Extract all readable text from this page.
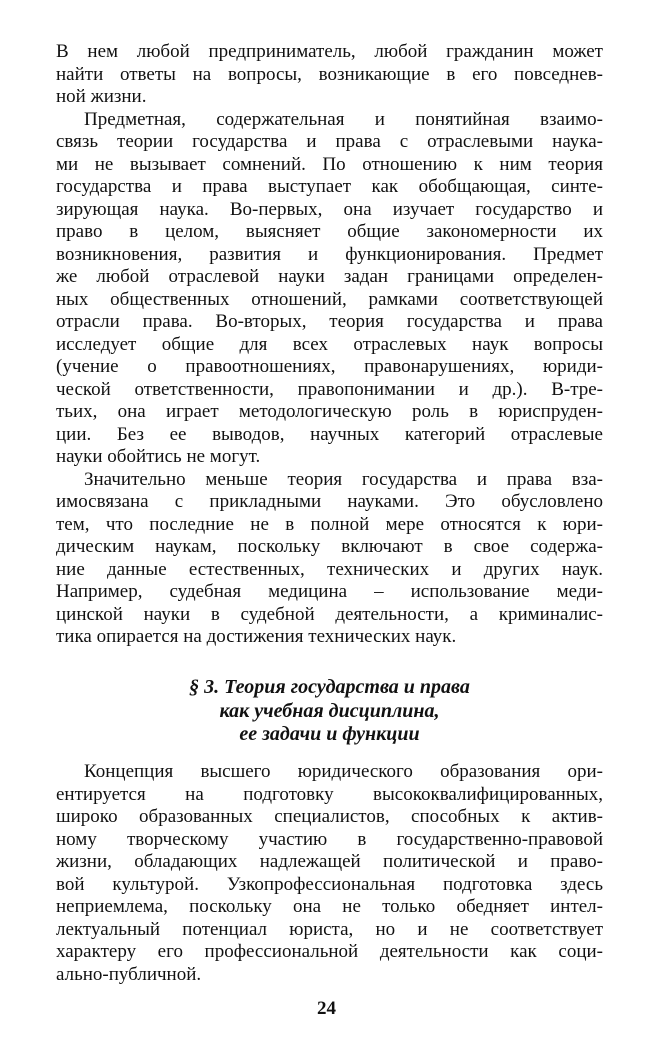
В нем любой предприниматель, любой гражданин может
найти ответы на вопросы, возникающие в его повседнев-
ной жизни.
Предметная, содержательная и понятийная взаимо-
связь теории государства и права с отраслевыми наука-
ми не вызывает сомнений. По отношению к ним теория
государства и права выступает как обобщающая, синте-
зирующая наука. Во-первых, она изучает государство и
право в целом, выясняет общие закономерности их
возникновения, развития и функционирования. Предмет
же любой отраслевой науки задан границами определен-
ных общественных отношений, рамками соответствующей
отрасли права. Во-вторых, теория государства и права
исследует общие для всех отраслевых наук вопросы
(учение о правоотношениях, правонарушениях, юриди-
ческой ответственности, правопонимании и др.). В-тре-
тьих, она играет методологическую роль в юриспруден-
ции. Без ее выводов, научных категорий отраслевые
науки обойтись не могут.
Значительно меньше теория государства и права вза-
имосвязана с прикладными науками. Это обусловлено
тем, что последние не в полной мере относятся к юри-
дическим наукам, поскольку включают в свое содержа-
ние данные естественных, технических и других наук.
Например, судебная медицина – использование меди-
цинской науки в судебной деятельности, а криминалис-
тика опирается на достижения технических наук.
§ 3. Теория государства и права
как учебная дисциплина,
ее задачи и функции
Концепция высшего юридического образования ори-
ентируется на подготовку высококвалифицированных,
широко образованных специалистов, способных к актив-
ному творческому участию в государственно-правовой
жизни, обладающих надлежащей политической и право-
вой культурой. Узкопрофессиональная подготовка здесь
неприемлема, поскольку она не только обедняет интел-
лектуальный потенциал юриста, но и не соответствует
характеру его профессиональной деятельности как соци-
ально-публичной.
24
